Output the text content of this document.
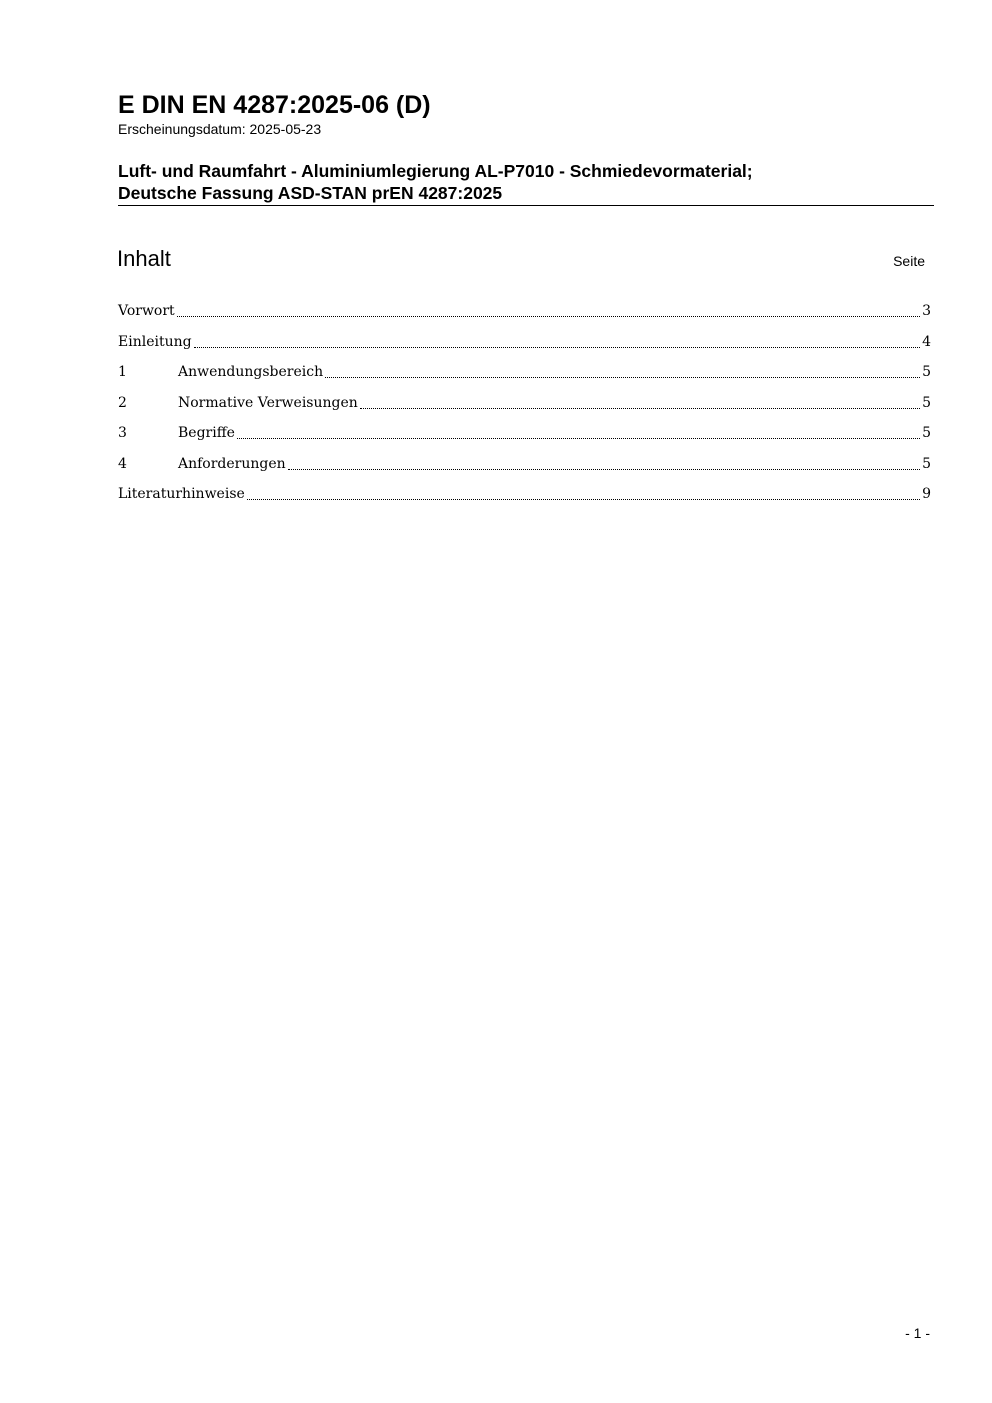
E DIN EN 4287:2025-06 (D)
Erscheinungsdatum: 2025-05-23
Luft- und Raumfahrt - Aluminiumlegierung AL-P7010 - Schmiedevormaterial;
Deutsche Fassung ASD-STAN prEN 4287:2025
Inhalt	Seite
Vorwort	3
Einleitung	4
1	Anwendungsbereich	5
2	Normative Verweisungen	5
3	Begriffe	5
4	Anforderungen	5
Literaturhinweise	9
- 1 -
